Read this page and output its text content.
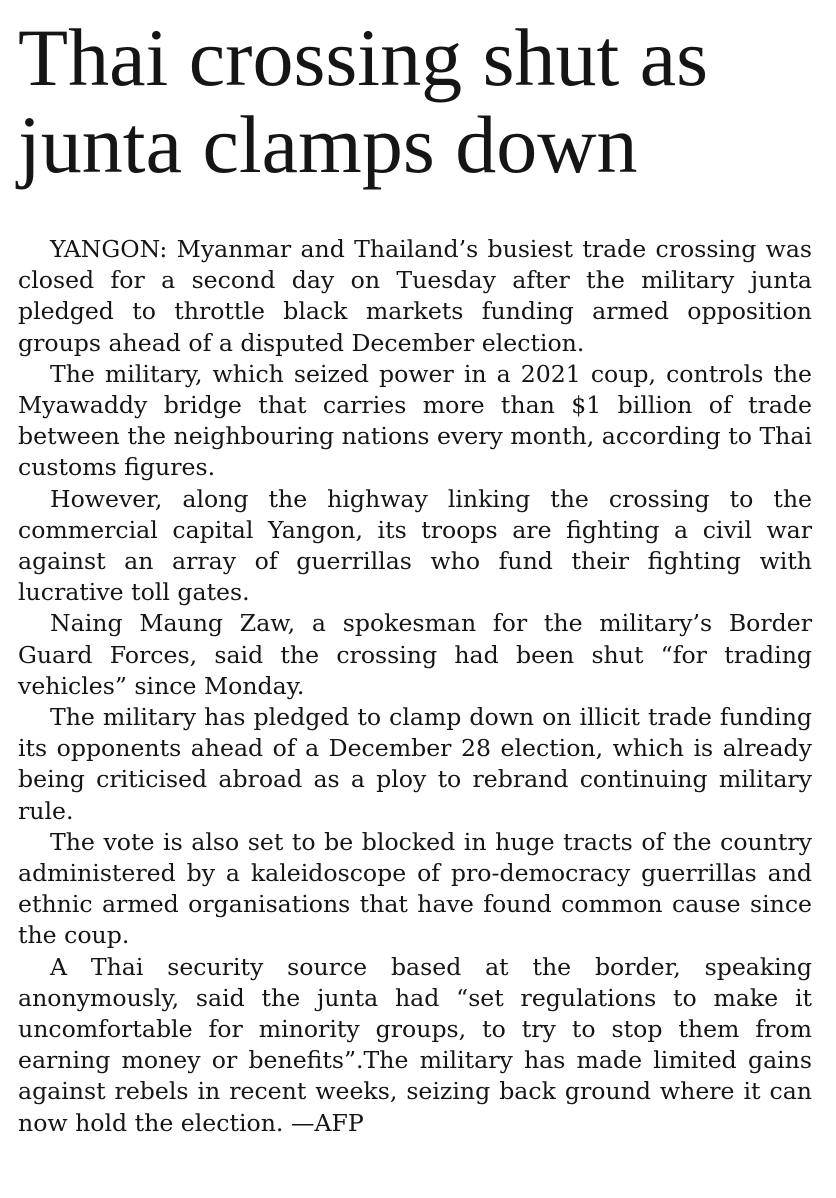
Thai crossing shut as
junta clamps down

YANGON: Myanmar and Thailand’s busiest trade crossing was closed for a second day on Tuesday after the military junta pledged to throttle black markets funding armed opposition groups ahead of a disputed December election.

The military, which seized power in a 2021 coup, controls the Myawaddy bridge that carries more than $1 billion of trade between the neighbouring nations every month, according to Thai customs figures.

However, along the highway linking the crossing to the commercial capital Yangon, its troops are fighting a civil war against an array of guerrillas who fund their fighting with lucrative toll gates.

Naing Maung Zaw, a spokesman for the military’s Border Guard Forces, said the crossing had been shut “for trading vehicles” since Monday.

The military has pledged to clamp down on illicit trade funding its opponents ahead of a December 28 election, which is already being criticised abroad as a ploy to rebrand continuing military rule.

The vote is also set to be blocked in huge tracts of the country administered by a kaleidoscope of pro-democracy guerrillas and ethnic armed organisations that have found common cause since the coup.

A Thai security source based at the border, speaking anonymously, said the junta had “set regulations to make it uncomfortable for minority groups, to try to stop them from earning money or benefits”.The military has made limited gains against rebels in recent weeks, seizing back ground where it can now hold the election. —AFP
